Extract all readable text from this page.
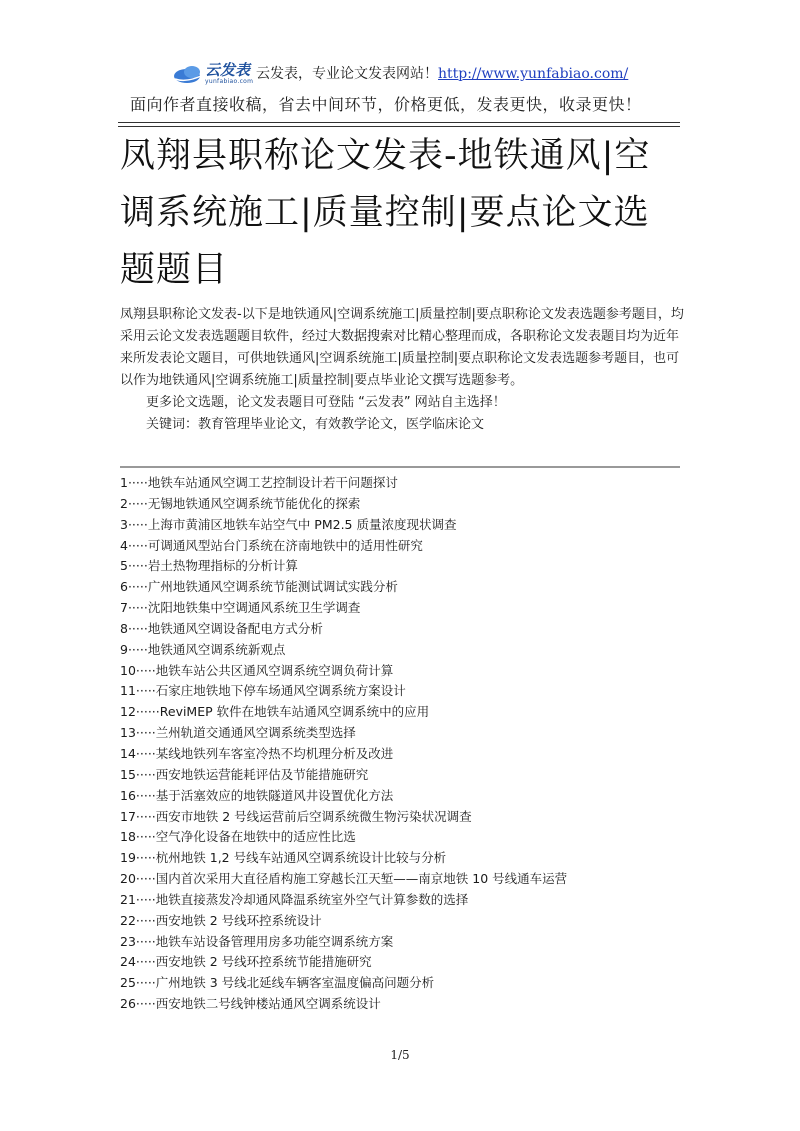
云发表
yunfabiao.com 云发表，专业论文发表网站！http://www.yunfabiao.com/
面向作者直接收稿，省去中间环节，价格更低，发表更快，收录更快！
凤翔县职称论文发表-地铁通风|空调系统施工|质量控制|要点论文选题题目

凤翔县职称论文发表-以下是地铁通风|空调系统施工|质量控制|要点职称论文发表选题参考题目，均采用云论文发表选题题目软件，经过大数据搜索对比精心整理而成，各职称论文发表题目均为近年来所发表论文题目，可供地铁通风|空调系统施工|质量控制|要点职称论文发表选题参考题目，也可以作为地铁通风|空调系统施工|质量控制|要点毕业论文撰写选题参考。

更多论文选题，论文发表题目可登陆 “云发表” 网站自主选择！

关键词：教育管理毕业论文，有效教学论文，医学临床论文

1·····地铁车站通风空调工艺控制设计若干问题探讨
2·····无锡地铁通风空调系统节能优化的探索
3·····上海市黄浦区地铁车站空气中 PM2.5 质量浓度现状调查
4·····可调通风型站台门系统在济南地铁中的适用性研究
5·····岩土热物理指标的分析计算
6·····广州地铁通风空调系统节能测试调试实践分析
7·····沈阳地铁集中空调通风系统卫生学调查
8·····地铁通风空调设备配电方式分析
9·····地铁通风空调系统新观点
10·····地铁车站公共区通风空调系统空调负荷计算
11·····石家庄地铁地下停车场通风空调系统方案设计
12······ReviMEP 软件在地铁车站通风空调系统中的应用
13·····兰州轨道交通通风空调系统类型选择
14·····某线地铁列车客室冷热不均机理分析及改进
15·····西安地铁运营能耗评估及节能措施研究
16·····基于活塞效应的地铁隧道风井设置优化方法
17·····西安市地铁 2 号线运营前后空调系统微生物污染状况调查
18·····空气净化设备在地铁中的适应性比选
19·····杭州地铁 1,2 号线车站通风空调系统设计比较与分析
20·····国内首次采用大直径盾构施工穿越长江天堑——南京地铁 10 号线通车运营
21·····地铁直接蒸发冷却通风降温系统室外空气计算参数的选择
22·····西安地铁 2 号线环控系统设计
23·····地铁车站设备管理用房多功能空调系统方案
24·····西安地铁 2 号线环控系统节能措施研究
25·····广州地铁 3 号线北延线车辆客室温度偏高问题分析
26·····西安地铁二号线钟楼站通风空调系统设计
1/5
